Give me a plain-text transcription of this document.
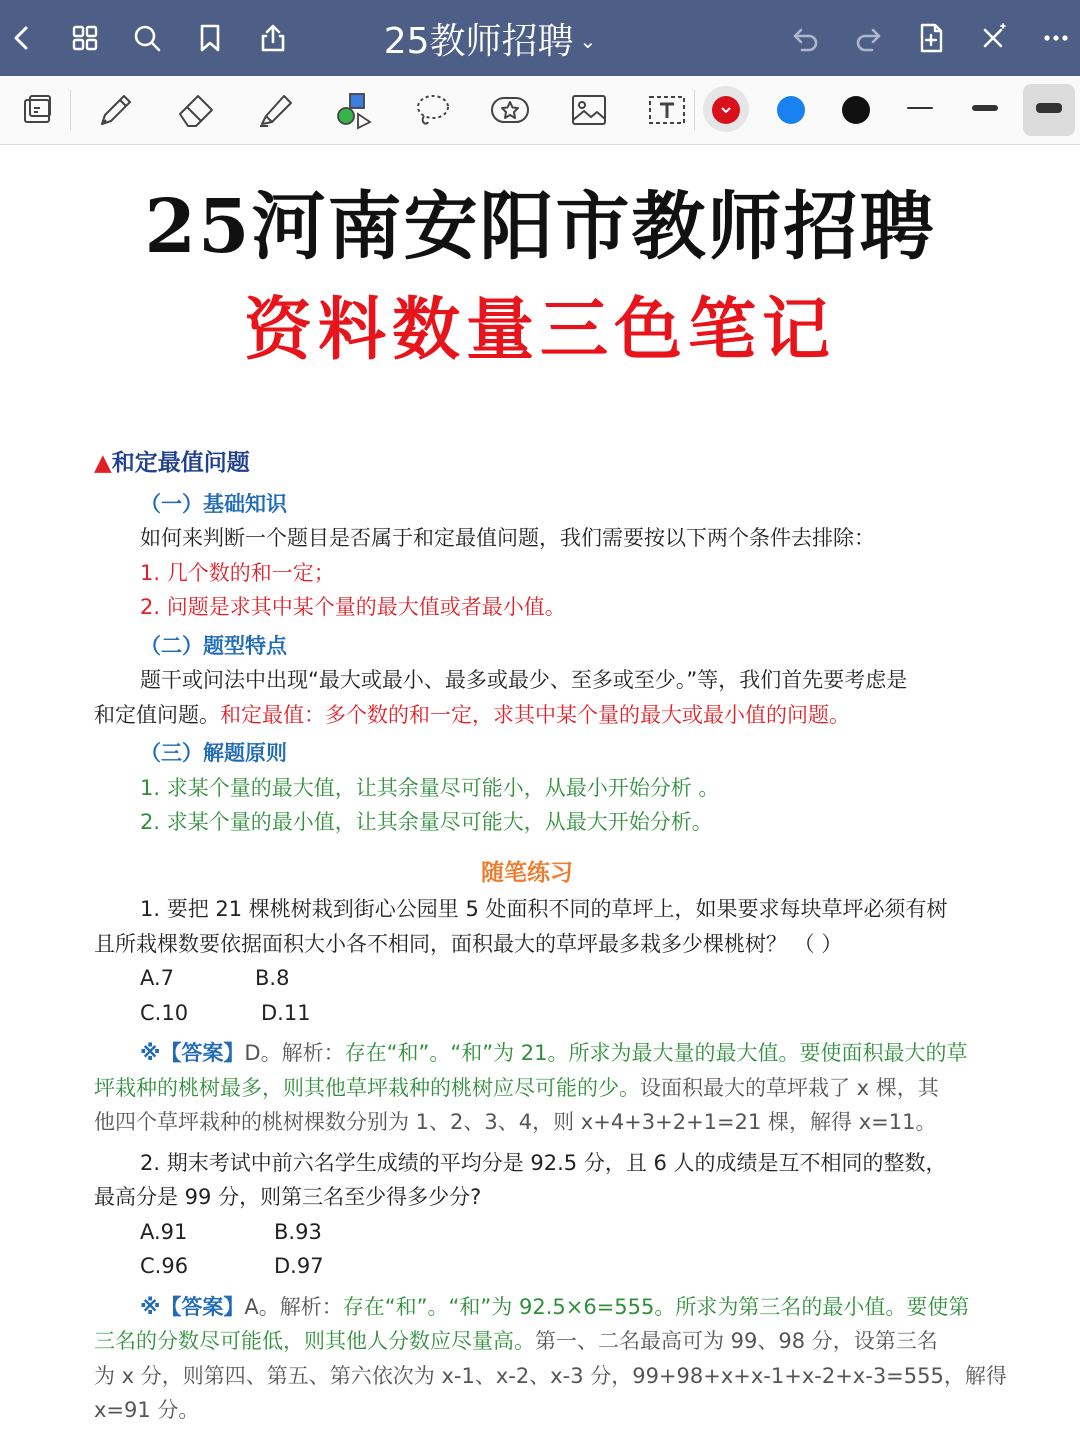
25教师招聘 ⌄
25河南安阳市教师招聘
资料数量三色笔记
▲和定最值问题
（一）基础知识
如何来判断一个题目是否属于和定最值问题，我们需要按以下两个条件去排除：
1. 几个数的和一定；
2. 问题是求其中某个量的最大值或者最小值。
（二）题型特点
题干或问法中出现“最大或最小、最多或最少、至多或至少。”等，我们首先要考虑是
和定值问题。和定最值：多个数的和一定，求其中某个量的最大或最小值的问题。
（三）解题原则
1. 求某个量的最大值，让其余量尽可能小，从最小开始分析 。
2. 求某个量的最小值，让其余量尽可能大，从最大开始分析。
随笔练习
1. 要把 21 棵桃树栽到街心公园里 5 处面积不同的草坪上，如果要求每块草坪必须有树
且所栽棵数要依据面积大小各不相同，面积最大的草坪最多栽多少棵桃树？ （ ）
A.7	B.8
C.10	D.11
※【答案】D。解析：存在“和”。“和”为 21。所求为最大量的最大值。要使面积最大的草
坪栽种的桃树最多，则其他草坪栽种的桃树应尽可能的少。设面积最大的草坪栽了 x 棵，其
他四个草坪栽种的桃树棵数分别为 1、2、3、4，则 x+4+3+2+1=21 棵，解得 x=11。
2. 期末考试中前六名学生成绩的平均分是 92.5 分，且 6 人的成绩是互不相同的整数，
最高分是 99 分，则第三名至少得多少分?
A.91	B.93
C.96	D.97
※【答案】A。解析：存在“和”。“和”为 92.5×6=555。所求为第三名的最小值。要使第
三名的分数尽可能低，则其他人分数应尽量高。第一、二名最高可为 99、98 分，设第三名
为 x 分，则第四、第五、第六依次为 x-1、x-2、x-3 分，99+98+x+x-1+x-2+x-3=555，解得
x=91 分。
